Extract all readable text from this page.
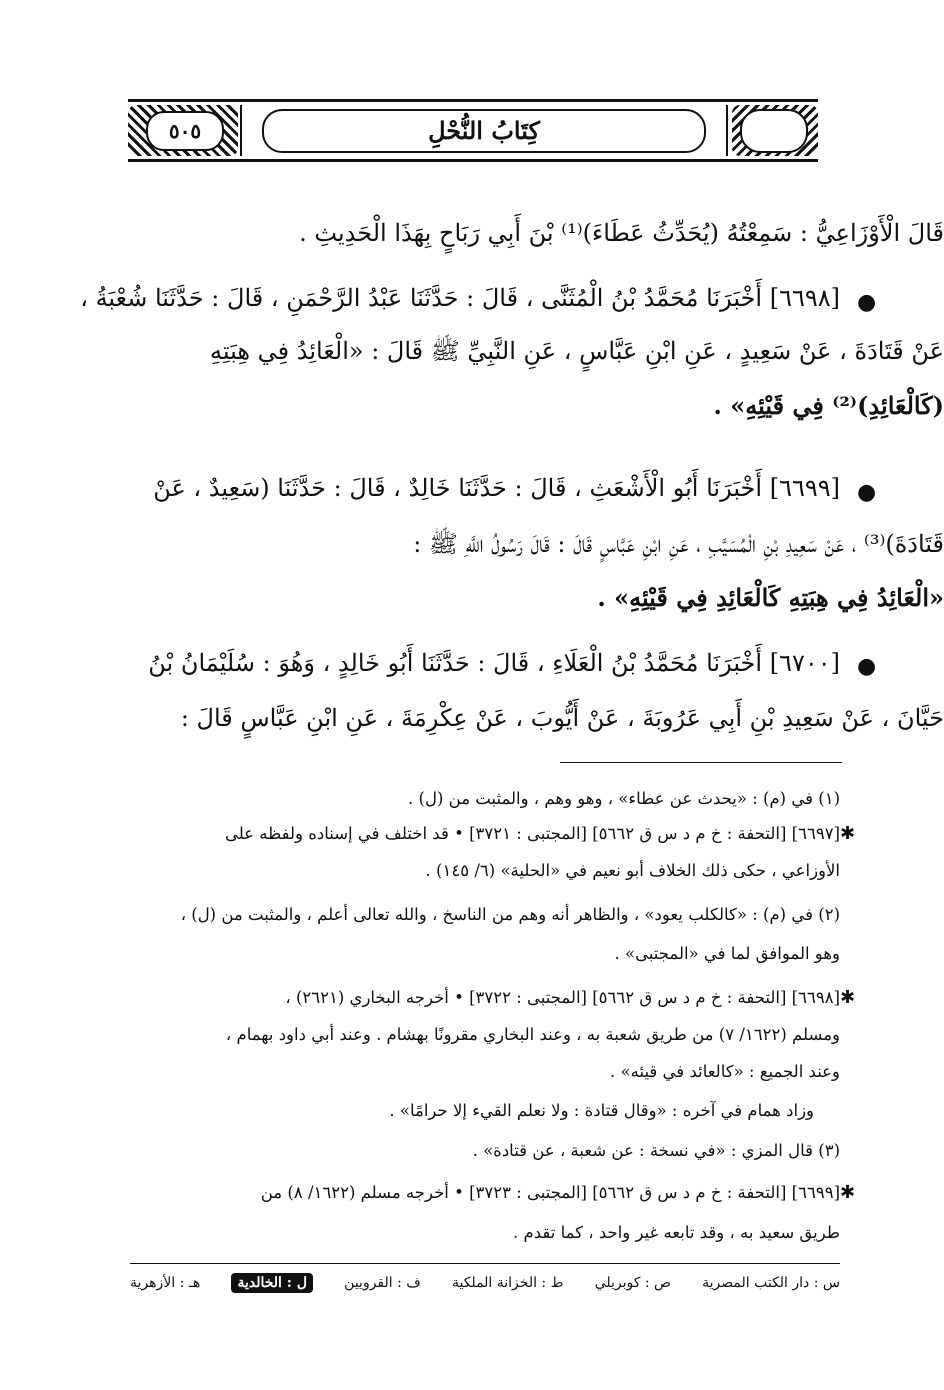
٥٠٥	كِتَابُ النُّحْلِ
قَالَ الْأَوْزَاعِيُّ : سَمِعْتُهُ (يُحَدِّثُ عَطَاءَ)⁽¹⁾ بْنَ أَبِي رَبَاحٍ بِهَذَا الْحَدِيثِ .
●
[٦٦٩٨] أَخْبَرَنَا مُحَمَّدُ بْنُ الْمُثَنَّى ، قَالَ : حَدَّثَنَا عَبْدُ الرَّحْمَنِ ، قَالَ : حَدَّثَنَا شُعْبَةُ ،
عَنْ قَتَادَةَ ، عَنْ سَعِيدٍ ، عَنِ ابْنِ عَبَّاسٍ ، عَنِ النَّبِيِّ ﷺ قَالَ : «الْعَائِدُ فِي هِبَتِهِ
(كَالْعَائِدِ)⁽²⁾ فِي قَيْئِهِ» .
●
[٦٦٩٩] أَخْبَرَنَا أَبُو الْأَشْعَثِ ، قَالَ : حَدَّثَنَا خَالِدٌ ، قَالَ : حَدَّثَنَا (سَعِيدٌ ، عَنْ
قَتَادَةَ)⁽³⁾ ، عَنْ سَعِيدِ بْنِ الْمُسَيَّبِ ، عَنِ ابْنِ عَبَّاسٍ قَالَ : قَالَ رَسُولُ اللَّهِ ﷺ :
«الْعَائِدُ فِي هِبَتِهِ كَالْعَائِدِ فِي قَيْئِهِ» .
●
[٦٧٠٠] أَخْبَرَنَا مُحَمَّدُ بْنُ الْعَلَاءِ ، قَالَ : حَدَّثَنَا أَبُو خَالِدٍ ، وَهُوَ : سُلَيْمَانُ بْنُ
حَيَّانَ ، عَنْ سَعِيدِ بْنِ أَبِي عَرُوبَةَ ، عَنْ أَيُّوبَ ، عَنْ عِكْرِمَةَ ، عَنِ ابْنِ عَبَّاسٍ قَالَ :
(١) في (م) : «يحدث عن عطاء» ، وهو وهم ، والمثبت من (ل) .
✱
[٦٦٩٧] [التحفة : خ م د س ق ٥٦٦٢] [المجتبى : ٣٧٢١] • قد اختلف في إسناده ولفظه على
الأوزاعي ، حكى ذلك الخلاف أبو نعيم في «الحلية» (٦/ ١٤٥) .
(٢) في (م) : «كالكلب يعود» ، والظاهر أنه وهم من الناسخ ، والله تعالى أعلم ، والمثبت من (ل) ،
وهو الموافق لما في «المجتبى» .
✱
[٦٦٩٨] [التحفة : خ م د س ق ٥٦٦٢] [المجتبى : ٣٧٢٢] • أخرجه البخاري (٢٦٢١) ،
ومسلم (١٦٢٢/ ٧) من طريق شعبة به ، وعند البخاري مقرونًا بهشام . وعند أبي داود بهمام ،
وعند الجميع : «كالعائد في قيئه» .
وزاد همام في آخره : «وقال قتادة : ولا نعلم القيء إلا حرامًا» .
(٣) قال المزي : «في نسخة : عن شعبة ، عن قتادة» .
✱
[٦٦٩٩] [التحفة : خ م د س ق ٥٦٦٢] [المجتبى : ٣٧٢٣] • أخرجه مسلم (١٦٢٢/ ٨) من
طريق سعيد به ، وقد تابعه غير واحد ، كما تقدم .
س : دار الكتب المصرية
ص : كوبريلي
ط : الخزانة الملكية
ف : القرويين
ل : الخالدية
هـ : الأزهرية
